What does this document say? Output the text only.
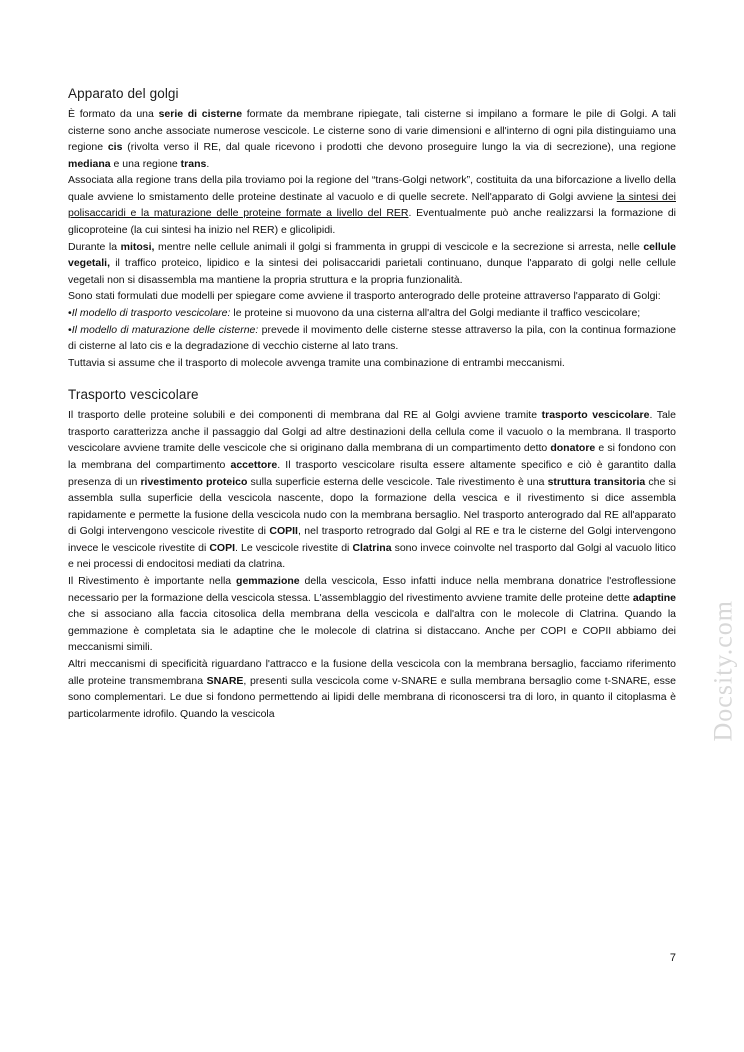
Apparato del golgi

È formato da una serie di cisterne formate da membrane ripiegate, tali cisterne si impilano a formare le pile di Golgi. A tali cisterne sono anche associate numerose vescicole. Le cisterne sono di varie dimensioni e all'interno di ogni pila distinguiamo una regione cis (rivolta verso il RE, dal quale ricevono i prodotti che devono proseguire lungo la via di secrezione), una regione mediana e una regione trans.

Associata alla regione trans della pila troviamo poi la regione del “trans-Golgi network”, costituita da una biforcazione a livello della quale avviene lo smistamento delle proteine destinate al vacuolo e di quelle secrete. Nell'apparato di Golgi avviene la sintesi dei polisaccaridi e la maturazione delle proteine formate a livello del RER. Eventualmente può anche realizzarsi la formazione di glicoproteine (la cui sintesi ha inizio nel RER) e glicolipidi.

Durante la mitosi, mentre nelle cellule animali il golgi si frammenta in gruppi di vescicole e la secrezione si arresta, nelle cellule vegetali, il traffico proteico, lipidico e la sintesi dei polisaccaridi parietali continuano, dunque l'apparato di golgi nelle cellule vegetali non si disassembla ma mantiene la propria struttura e la propria funzionalità.

Sono stati formulati due modelli per spiegare come avviene il trasporto anterogrado delle proteine attraverso l'apparato di Golgi:

•Il modello di trasporto vescicolare: le proteine si muovono da una cisterna all'altra del Golgi mediante il traffico vescicolare;

•Il modello di maturazione delle cisterne: prevede il movimento delle cisterne stesse attraverso la pila, con la continua formazione di cisterne al lato cis e la degradazione di vecchio cisterne al lato trans.

Tuttavia si assume che il trasporto di molecole avvenga tramite una combinazione di entrambi meccanismi.

Trasporto vescicolare

Il trasporto delle proteine solubili e dei componenti di membrana dal RE al Golgi avviene tramite trasporto vescicolare. Tale trasporto caratterizza anche il passaggio dal Golgi ad altre destinazioni della cellula come il vacuolo o la membrana. Il trasporto vescicolare avviene tramite delle vescicole che si originano dalla membrana di un compartimento detto donatore e si fondono con la membrana del compartimento accettore. Il trasporto vescicolare risulta essere altamente specifico e ciò è garantito dalla presenza di un rivestimento proteico sulla superficie esterna delle vescicole. Tale rivestimento è una struttura transitoria che si assembla sulla superficie della vescicola nascente, dopo la formazione della vescica e il rivestimento si dice assembla rapidamente e permette la fusione della vescicola nudo con la membrana bersaglio. Nel trasporto anterogrado dal RE all'apparato di Golgi intervengono vescicole rivestite di COPII, nel trasporto retrogrado dal Golgi al RE e tra le cisterne del Golgi intervengono invece le vescicole rivestite di COPI. Le vescicole rivestite di Clatrina sono invece coinvolte nel trasporto dal Golgi al vacuolo litico e nei processi di endocitosi mediati da clatrina.

Il Rivestimento è importante nella gemmazione della vescicola, Esso infatti induce nella membrana donatrice l'estroflessione necessario per la formazione della vescicola stessa. L'assemblaggio del rivestimento avviene tramite delle proteine dette adaptine che si associano alla faccia citosolica della membrana della vescicola e dall'altra con le molecole di Clatrina. Quando la gemmazione è completata sia le adaptine che le molecole di clatrina si distaccano. Anche per COPI e COPII abbiamo dei meccanismi simili.

Altri meccanismi di specificità riguardano l'attracco e la fusione della vescicola con la membrana bersaglio, facciamo riferimento alle proteine transmembrana SNARE, presenti sulla vescicola come v-SNARE e sulla membrana bersaglio come t-SNARE, esse sono complementari. Le due si fondono permettendo ai lipidi delle membrana di riconoscersi tra di loro, in quanto il citoplasma è particolarmente idrofilo. Quando la vescicola	Docsity.com
7
